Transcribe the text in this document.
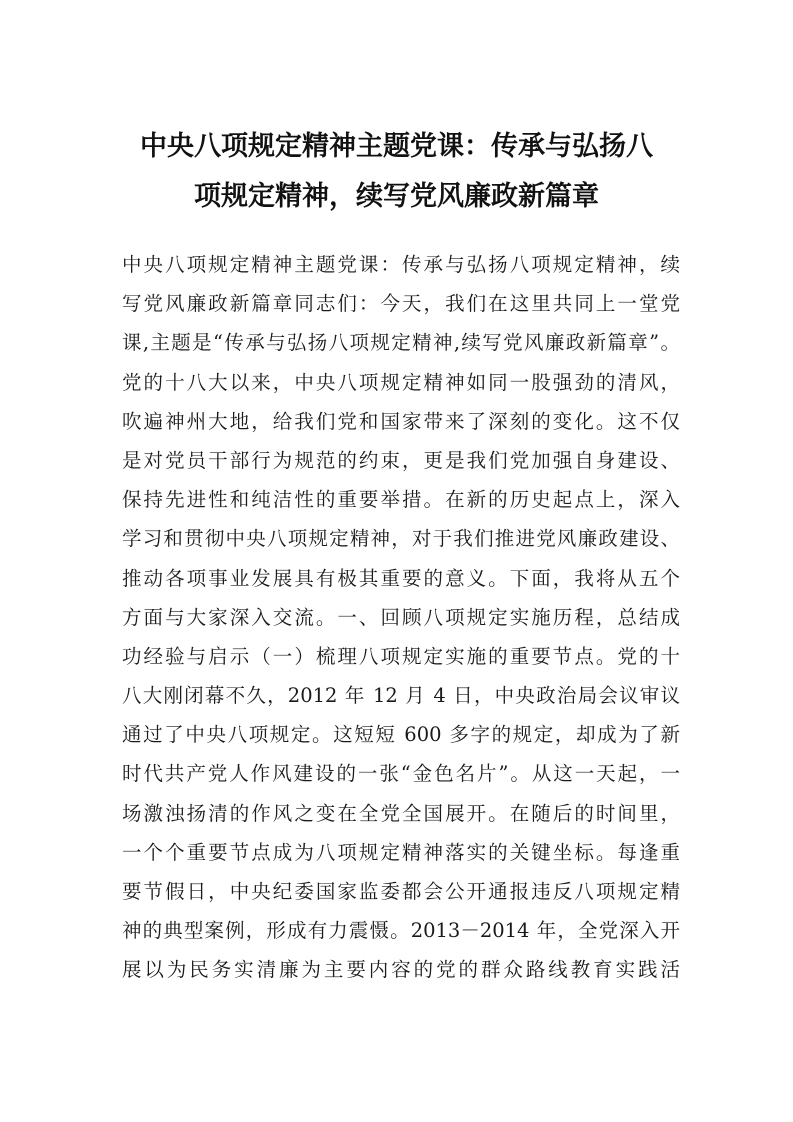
中央八项规定精神主题党课：传承与弘扬八
项规定精神，续写党风廉政新篇章
中央八项规定精神主题党课：传承与弘扬八项规定精神，续
写党风廉政新篇章同志们：今天，我们在这里共同上一堂党
课,主题是“传承与弘扬八项规定精神,续写党风廉政新篇章”。
党的十八大以来，中央八项规定精神如同一股强劲的清风，
吹遍神州大地，给我们党和国家带来了深刻的变化。这不仅
是对党员干部行为规范的约束，更是我们党加强自身建设、
保持先进性和纯洁性的重要举措。在新的历史起点上，深入
学习和贯彻中央八项规定精神，对于我们推进党风廉政建设、
推动各项事业发展具有极其重要的意义。下面，我将从五个
方面与大家深入交流。一、回顾八项规定实施历程，总结成
功经验与启示（一）梳理八项规定实施的重要节点。党的十
八大刚闭幕不久，2012 年 12 月 4 日，中央政治局会议审议
通过了中央八项规定。这短短 600 多字的规定，却成为了新
时代共产党人作风建设的一张“金色名片”。从这一天起，一
场激浊扬清的作风之变在全党全国展开。在随后的时间里，
一个个重要节点成为八项规定精神落实的关键坐标。每逢重
要节假日，中央纪委国家监委都会公开通报违反八项规定精
神的典型案例，形成有力震慑。2013－2014 年，全党深入开
展以为民务实清廉为主要内容的党的群众路线教育实践活
